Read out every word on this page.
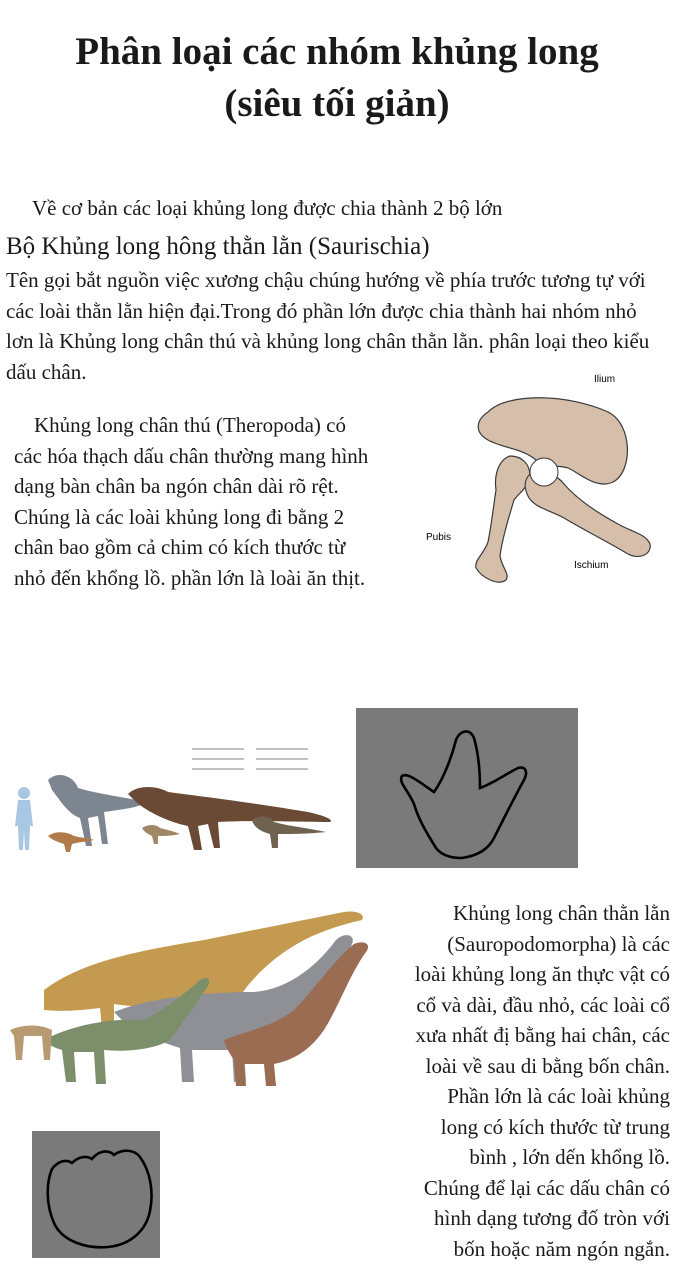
Phân loại các nhóm khủng long
(siêu tối giản)
Về cơ bản các loại khủng long được chia thành 2 bộ lớn
Bộ Khủng long hông thằn lằn (Saurischia)
Tên gọi bắt nguồn việc xương chậu chúng hướng về phía trước tương tự với các loài thằn lằn hiện đại.Trong đó phần lớn được chia thành hai nhóm nhỏ lơn là Khủng long chân thú và khủng long chân thằn lằn. phân loại theo kiểu dấu chân.
Khủng long chân thú (Theropoda) có các hóa thạch dấu chân thường mang hình dạng bàn chân ba ngón chân dài rõ rệt. Chúng là các loài khủng long đi bằng 2 chân bao gồm cả chim có kích thước từ nhỏ đến khổng lồ. phần lớn là loài ăn thịt.
Ilium
Pubis
Ischium
Khủng long chân thằn lằn
(Sauropodomorpha) là các
loài khủng long ăn thực vật có
cổ và dài, đầu nhỏ, các loài cổ
xưa nhất đị bằng hai chân, các
loài về sau di bằng bốn chân.
Phần lớn là các loài khủng
long có kích thước từ trung
bình , lớn dến khổng lồ.
Chúng để lại các dấu chân có
hình dạng tương đố tròn với
bốn hoặc năm ngón ngắn.
